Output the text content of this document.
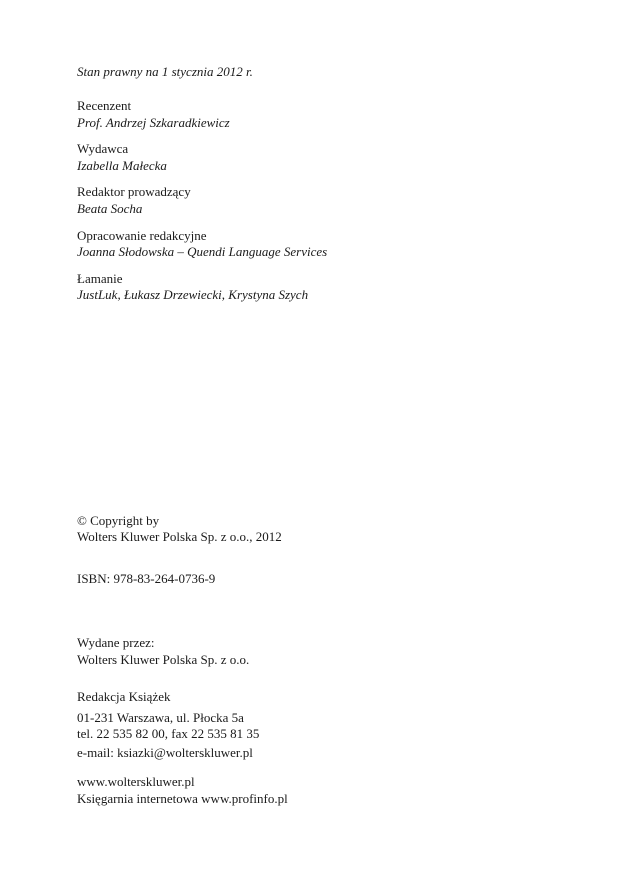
Stan prawny na 1 stycznia 2012 r.
Recenzent
Prof. Andrzej Szkaradkiewicz
Wydawca
Izabella Małecka
Redaktor prowadzący
Beata Socha
Opracowanie redakcyjne
Joanna Słodowska – Quendi Language Services
Łamanie
JustLuk, Łukasz Drzewiecki, Krystyna Szych
© Copyright by
Wolters Kluwer Polska Sp. z o.o., 2012
ISBN: 978-83-264-0736-9
Wydane przez:
Wolters Kluwer Polska Sp. z o.o.
Redakcja Książek
01-231 Warszawa, ul. Płocka 5a
tel. 22 535 82 00, fax 22 535 81 35
e-mail: ksiazki@wolterskluwer.pl
www.wolterskluwer.pl
Księgarnia internetowa www.profinfo.pl
